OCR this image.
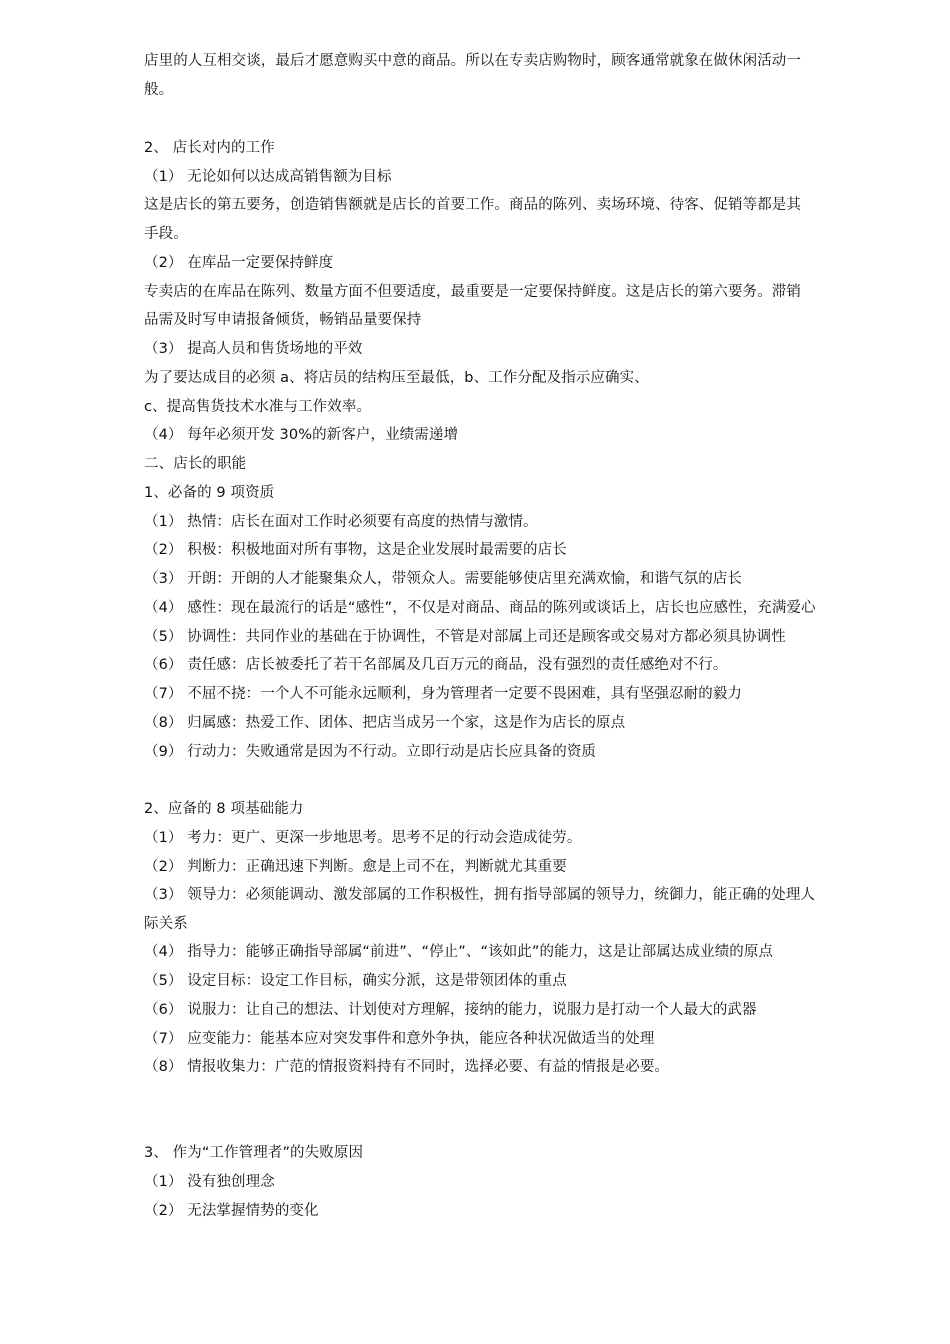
店里的人互相交谈，最后才愿意购买中意的商品。所以在专卖店购物时，顾客通常就象在做休闲活动一
般。
2、 店长对内的工作
（1） 无论如何以达成高销售额为目标
这是店长的第五要务，创造销售额就是店长的首要工作。商品的陈列、卖场环境、待客、促销等都是其
手段。
（2） 在库品一定要保持鲜度
专卖店的在库品在陈列、数量方面不但要适度，最重要是一定要保持鲜度。这是店长的第六要务。滞销
品需及时写申请报备倾货，畅销品量要保持
（3） 提高人员和售货场地的平效
为了要达成目的必须 a、将店员的结构压至最低，b、工作分配及指示应确实、
c、提高售货技术水准与工作效率。
（4） 每年必须开发 30%的新客户，业绩需递增
二、店长的职能
1、必备的 9 项资质
（1） 热情：店长在面对工作时必须要有高度的热情与激情。
（2） 积极：积极地面对所有事物，这是企业发展时最需要的店长
（3） 开朗：开朗的人才能聚集众人，带领众人。需要能够使店里充满欢愉，和谐气氛的店长
（4） 感性：现在最流行的话是“感性”，不仅是对商品、商品的陈列或谈话上，店长也应感性，充满爱心
（5） 协调性：共同作业的基础在于协调性，不管是对部属上司还是顾客或交易对方都必须具协调性
（6） 责任感：店长被委托了若干名部属及几百万元的商品，没有强烈的责任感绝对不行。
（7） 不屈不挠：一个人不可能永远顺利，身为管理者一定要不畏困难，具有坚强忍耐的毅力
（8） 归属感：热爱工作、团体、把店当成另一个家，这是作为店长的原点
（9） 行动力：失败通常是因为不行动。立即行动是店长应具备的资质
2、应备的 8 项基础能力
（1） 考力：更广、更深一步地思考。思考不足的行动会造成徒劳。
（2） 判断力：正确迅速下判断。愈是上司不在，判断就尤其重要
（3） 领导力：必须能调动、激发部属的工作积极性，拥有指导部属的领导力，统御力，能正确的处理人
际关系
（4） 指导力：能够正确指导部属“前进”、“停止”、“该如此”的能力，这是让部属达成业绩的原点
（5） 设定目标：设定工作目标，确实分派，这是带领团体的重点
（6） 说服力：让自己的想法、计划使对方理解，接纳的能力，说服力是打动一个人最大的武器
（7） 应变能力：能基本应对突发事件和意外争执，能应各种状况做适当的处理
（8） 情报收集力：广范的情报资料持有不同时，选择必要、有益的情报是必要。
3、 作为“工作管理者”的失败原因
（1） 没有独创理念
（2） 无法掌握情势的变化
